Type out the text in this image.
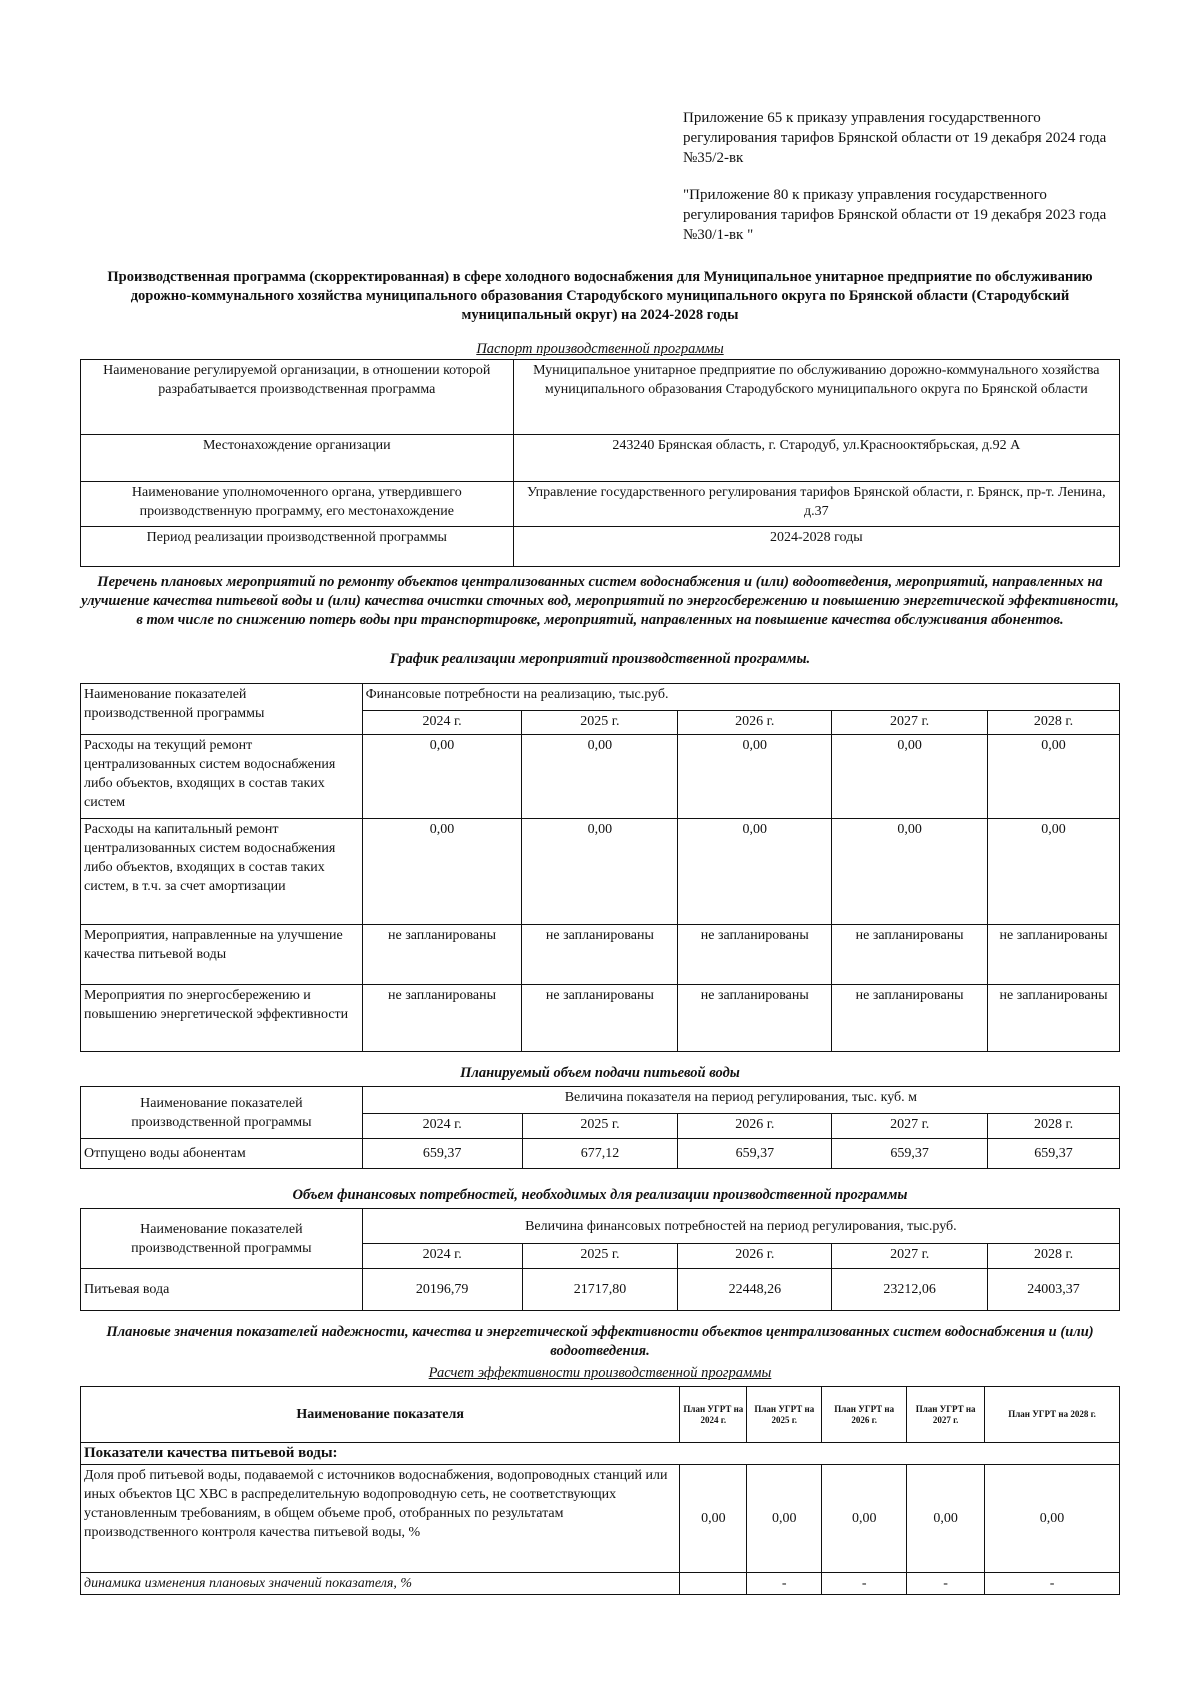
Приложение 65 к приказу управления государственного регулирования тарифов Брянской области от 19 декабря 2024 года №35/2-вк

"Приложение 80 к приказу управления государственного регулирования тарифов Брянской области от 19 декабря 2023 года №30/1-вк "

Производственная программа (скорректированная) в сфере холодного водоснабжения для Муниципальное унитарное предприятие по обслуживанию дорожно-коммунального хозяйства муниципального образования Стародубского муниципального округа по Брянской области (Стародубский муниципальный округ) на 2024-2028 годы
Паспорт производственной программы
Наименование регулируемой организации, в отношении которой разрабатывается производственная программа	Муниципальное унитарное предприятие по обслуживанию дорожно-коммунального хозяйства муниципального образования Стародубского муниципального округа по Брянской области
Местонахождение организации	243240 Брянская область, г. Стародуб, ул.Краснооктябрьская, д.92 А
Наименование уполномоченного органа, утвердившего производственную программу, его местонахождение	Управление государственного регулирования тарифов Брянской области, г. Брянск, пр-т. Ленина, д.37
Период реализации производственной программы	2024-2028 годы
Перечень плановых мероприятий по ремонту объектов централизованных систем водоснабжения и (или) водоотведения, мероприятий, направленных на улучшение качества питьевой воды и (или) качества очистки сточных вод, мероприятий по энергосбережению и повышению энергетической эффективности, в том числе по снижению потерь воды при транспортировке, мероприятий, направленных на повышение качества обслуживания абонентов.
График реализации мероприятий производственной программы.
Наименование показателей производственной программы	Финансовые потребности на реализацию, тыс.руб.				
	2024 г.	2025 г.	2026 г.	2027 г.	2028 г.
Расходы на текущий ремонт централизованных систем водоснабжения либо объектов, входящих в состав таких систем	0,00	0,00	0,00	0,00	0,00
Расходы на капитальный ремонт централизованных систем водоснабжения либо объектов, входящих в состав таких систем, в т.ч. за счет амортизации	0,00	0,00	0,00	0,00	0,00
Мероприятия, направленные на улучшение качества питьевой воды	не запланированы	не запланированы	не запланированы	не запланированы	не запланированы
Мероприятия по энергосбережению и повышению энергетической эффективности	не запланированы	не запланированы	не запланированы	не запланированы	не запланированы
Планируемый объем подачи питьевой воды
Наименование показателей производственной программы	Величина показателя на период регулирования, тыс. куб. м				
	2024 г.	2025 г.	2026 г.	2027 г.	2028 г.
Отпущено воды абонентам	659,37	677,12	659,37	659,37	659,37
Объем финансовых потребностей, необходимых для реализации производственной программы
Наименование показателей производственной программы	Величина финансовых потребностей на период регулирования, тыс.руб.				
	2024 г.	2025 г.	2026 г.	2027 г.	2028 г.
Питьевая вода	20196,79	21717,80	22448,26	23212,06	24003,37
Плановые значения показателей надежности, качества и энергетической эффективности объектов централизованных систем водоснабжения и (или) водоотведения.
Расчет эффективности производственной программы
Наименование показателя	План УГРТ на 2024 г.	План УГРТ на 2025 г.	План УГРТ на 2026 г.	План УГРТ на 2027 г.	План УГРТ на 2028 г.
Показатели качества питьевой воды:					
Доля проб питьевой воды, подаваемой с источников водоснабжения, водопроводных станций или иных объектов ЦС ХВС в распределительную водопроводную сеть, не соответствующих установленным требованиям, в общем объеме проб, отобранных по результатам производственного контроля качества питьевой воды, %	0,00	0,00	0,00	0,00	0,00
динамика изменения плановых значений показателя, %		-	-	-	-
